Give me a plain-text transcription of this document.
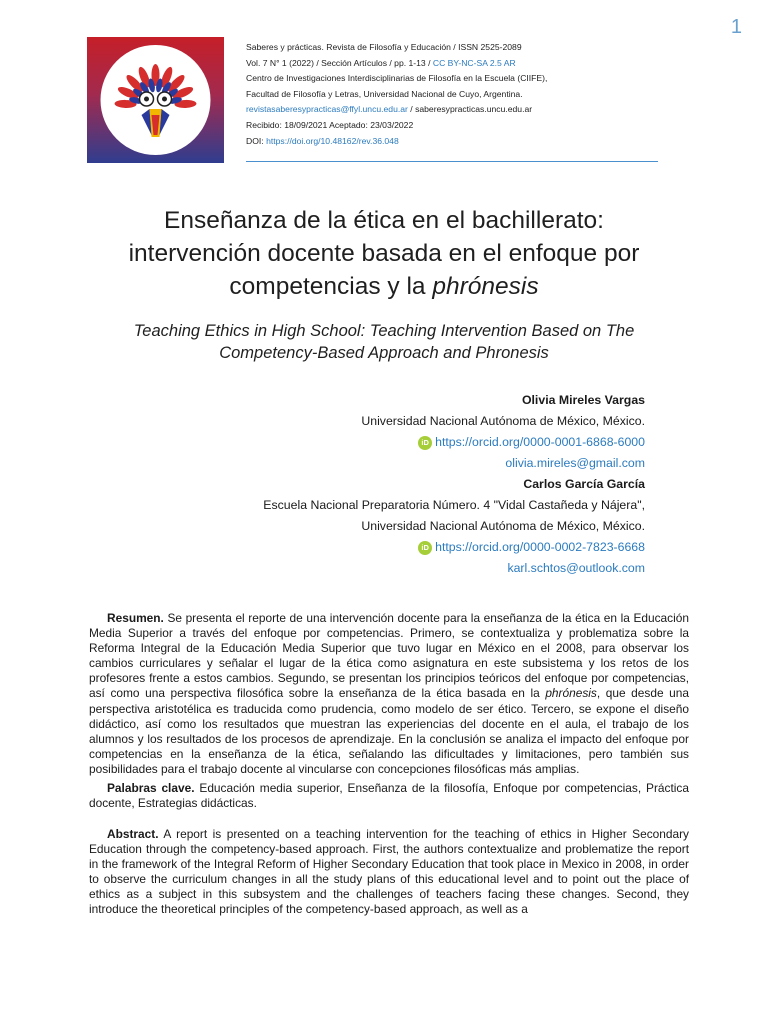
1
Saberes y prácticas. Revista de Filosofía y Educación / ISSN 2525-2089
Vol. 7 N° 1 (2022) / Sección Artículos / pp. 1-13 / CC BY-NC-SA 2.5 AR
Centro de Investigaciones Interdisciplinarias de Filosofía en la Escuela (CIIFE),
Facultad de Filosofía y Letras, Universidad Nacional de Cuyo, Argentina.
revistasaberesypracticas@ffyl.uncu.edu.ar / saberesypracticas.uncu.edu.ar
Recibido: 18/09/2021 Aceptado: 23/03/2022
DOI: https://doi.org/10.48162/rev.36.048
Enseñanza de la ética en el bachillerato:
intervención docente basada en el enfoque por
competencias y la phrónesis
Teaching Ethics in High School: Teaching Intervention Based on The
Competency-Based Approach and Phronesis
Olivia Mireles Vargas
Universidad Nacional Autónoma de México, México.
iD https://orcid.org/0000-0001-6868-6000
olivia.mireles@gmail.com
Carlos García García
Escuela Nacional Preparatoria Número. 4 "Vidal Castañeda y Nájera",
Universidad Nacional Autónoma de México, México.
iD https://orcid.org/0000-0002-7823-6668
karl.schtos@outlook.com

Resumen. Se presenta el reporte de una intervención docente para la enseñanza de la ética en la Educación Media Superior a través del enfoque por competencias. Primero, se contextualiza y problematiza sobre la Reforma Integral de la Educación Media Superior que tuvo lugar en México en el 2008, para observar los cambios curriculares y señalar el lugar de la ética como asignatura en este subsistema y los retos de los profesores frente a estos cambios. Segundo, se presentan los principios teóricos del enfoque por competencias, así como una perspectiva filosófica sobre la enseñanza de la ética basada en la phrónesis, que desde una perspectiva aristotélica es traducida como prudencia, como modelo de ser ético. Tercero, se expone el diseño didáctico, así como los resultados que muestran las experiencias del docente en el aula, el trabajo de los alumnos y los resultados de los procesos de aprendizaje. En la conclusión se analiza el impacto del enfoque por competencias en la enseñanza de la ética, señalando las dificultades y limitaciones, pero también sus posibilidades para el trabajo docente al vincularse con concepciones filosóficas más amplias.

Palabras clave. Educación media superior, Enseñanza de la filosofía, Enfoque por competencias, Práctica docente, Estrategias didácticas.

Abstract. A report is presented on a teaching intervention for the teaching of ethics in Higher Secondary Education through the competency-based approach. First, the authors contextualize and problematize the report in the framework of the Integral Reform of Higher Secondary Education that took place in Mexico in 2008, in order to observe the curriculum changes in all the study plans of this educational level and to point out the place of ethics as a subject in this subsystem and the challenges of teachers facing these changes. Second, they introduce the theoretical principles of the competency-based approach, as well as a
